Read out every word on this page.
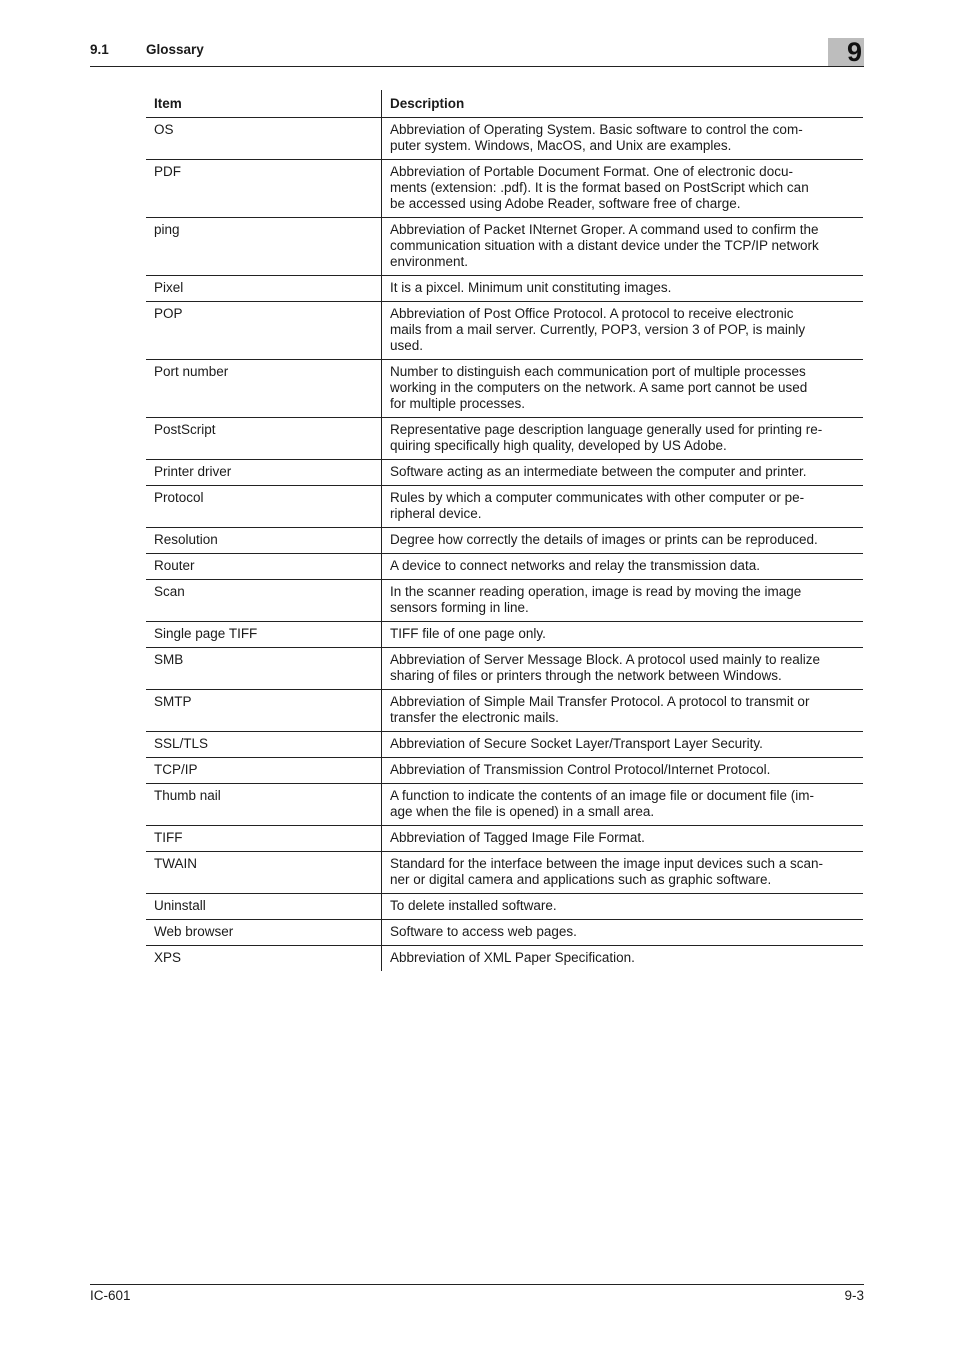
9.1	Glossary	9
Item	Description
OS	Abbreviation of Operating System. Basic software to control the com-
puter system. Windows, MacOS, and Unix are examples.
PDF	Abbreviation of Portable Document Format. One of electronic docu-
ments (extension: .pdf). It is the format based on PostScript which can
be accessed using Adobe Reader, software free of charge.
ping	Abbreviation of Packet INternet Groper. A command used to confirm the
communication situation with a distant device under the TCP/IP network
environment.
Pixel	It is a pixcel. Minimum unit constituting images.
POP	Abbreviation of Post Office Protocol. A protocol to receive electronic
mails from a mail server. Currently, POP3, version 3 of POP, is mainly
used.
Port number	Number to distinguish each communication port of multiple processes
working in the computers on the network. A same port cannot be used
for multiple processes.
PostScript	Representative page description language generally used for printing re-
quiring specifically high quality, developed by US Adobe.
Printer driver	Software acting as an intermediate between the computer and printer.
Protocol	Rules by which a computer communicates with other computer or pe-
ripheral device.
Resolution	Degree how correctly the details of images or prints can be reproduced.
Router	A device to connect networks and relay the transmission data.
Scan	In the scanner reading operation, image is read by moving the image
sensors forming in line.
Single page TIFF	TIFF file of one page only.
SMB	Abbreviation of Server Message Block. A protocol used mainly to realize
sharing of files or printers through the network between Windows.
SMTP	Abbreviation of Simple Mail Transfer Protocol. A protocol to transmit or
transfer the electronic mails.
SSL/TLS	Abbreviation of Secure Socket Layer/Transport Layer Security.
TCP/IP	Abbreviation of Transmission Control Protocol/Internet Protocol.
Thumb nail	A function to indicate the contents of an image file or document file (im-
age when the file is opened) in a small area.
TIFF	Abbreviation of Tagged Image File Format.
TWAIN	Standard for the interface between the image input devices such a scan-
ner or digital camera and applications such as graphic software.
Uninstall	To delete installed software.
Web browser	Software to access web pages.
XPS	Abbreviation of XML Paper Specification.
IC-601	9-3
